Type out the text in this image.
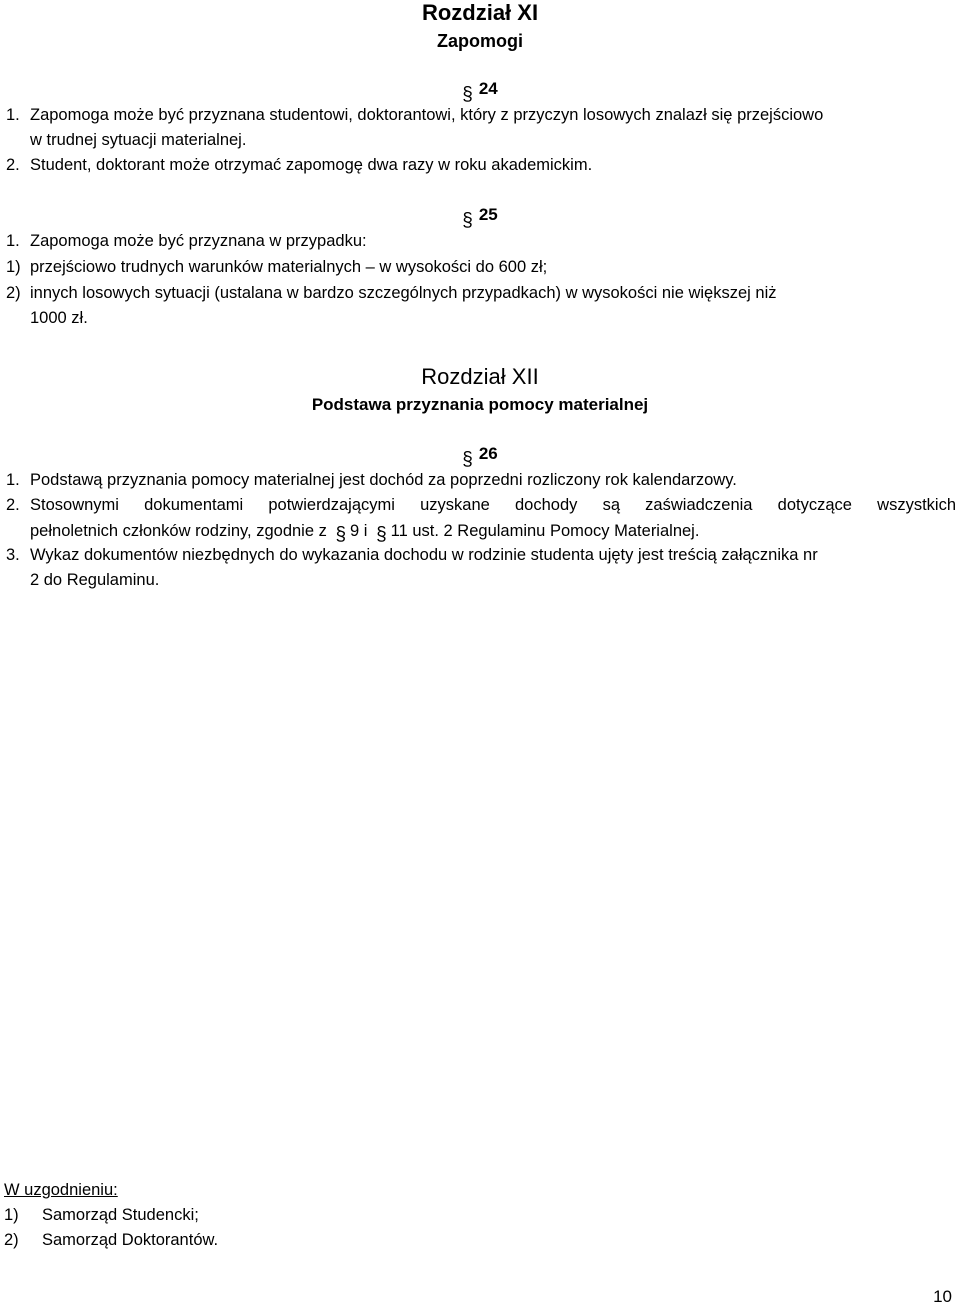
Rozdział XI
Zapomogi
§ 24
1. Zapomoga może być przyznana studentowi, doktorantowi, który z przyczyn losowych znalazł się przejściowo
w trudnej sytuacji materialnej.
2. Student, doktorant może otrzymać zapomogę dwa razy w roku akademickim.
§ 25
1. Zapomoga może być przyznana w przypadku:
1) przejściowo trudnych warunków materialnych – w wysokości do 600 zł;
2) innych losowych sytuacji (ustalana w bardzo szczególnych przypadkach) w wysokości nie większej niż
1000 zł.
Rozdział XII
Podstawa przyznania pomocy materialnej
§ 26
1. Podstawą przyznania pomocy materialnej jest dochód za poprzedni rozliczony rok kalendarzowy.
2. Stosownymi dokumentami potwierdzającymi uzyskane dochody są zaświadczenia dotyczące wszystkich
pełnoletnich członków rodziny, zgodnie z § 9 i § 11 ust. 2 Regulaminu Pomocy Materialnej.
3. Wykaz dokumentów niezbędnych do wykazania dochodu w rodzinie studenta ujęty jest treścią załącznika nr
2 do Regulaminu.
W uzgodnieniu:
1) Samorząd Studencki;
2) Samorząd Doktorantów.
10
